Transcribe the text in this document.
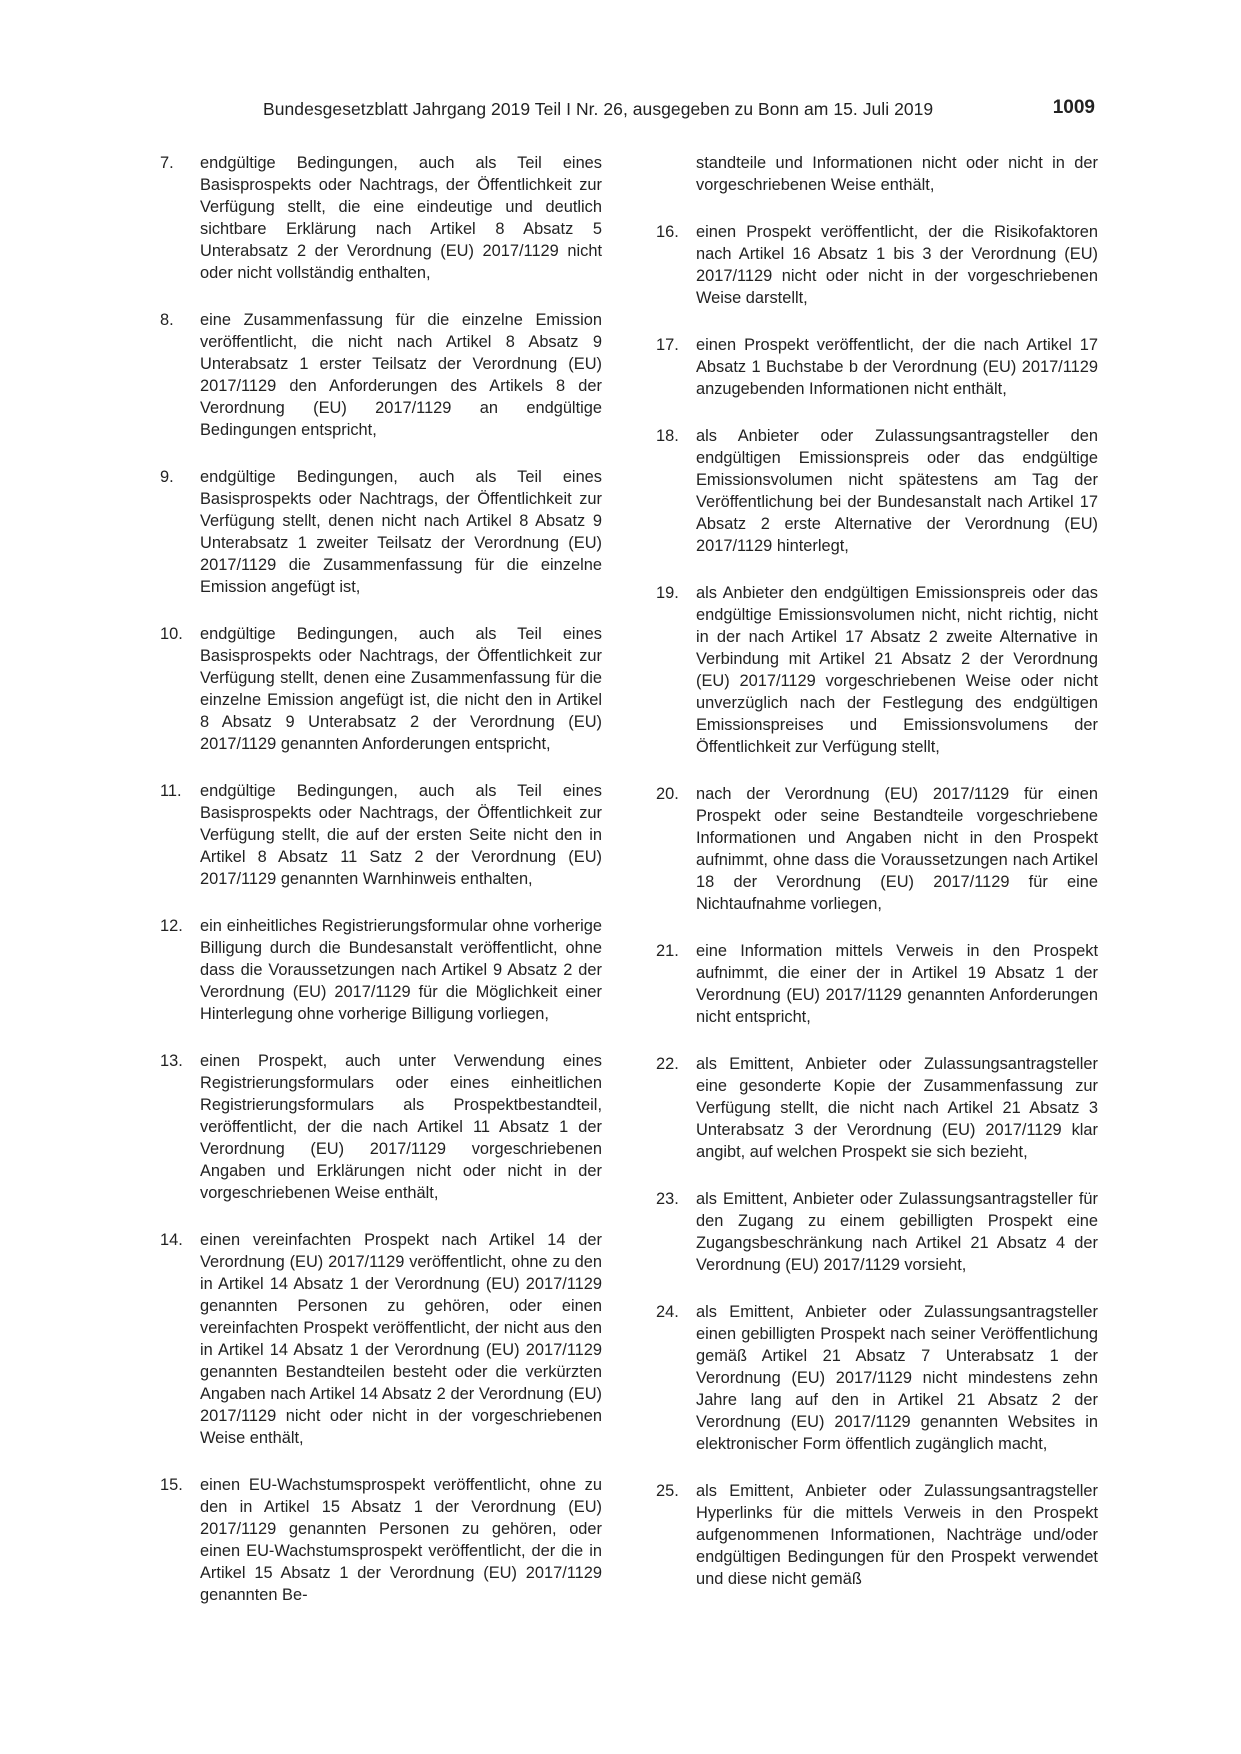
Bundesgesetzblatt Jahrgang 2019 Teil I Nr. 26, ausgegeben zu Bonn am 15. Juli 2019	1009
7.	endgültige Bedingungen, auch als Teil eines Basisprospekts oder Nachtrags, der Öffentlichkeit zur Verfügung stellt, die eine eindeutige und deutlich sichtbare Erklärung nach Artikel 8 Absatz 5 Unterabsatz 2 der Verordnung (EU) 2017/1129 nicht oder nicht vollständig enthalten,
8.	eine Zusammenfassung für die einzelne Emission veröffentlicht, die nicht nach Artikel 8 Absatz 9 Unterabsatz 1 erster Teilsatz der Verordnung (EU) 2017/1129 den Anforderungen des Artikels 8 der Verordnung (EU) 2017/1129 an endgültige Bedingungen entspricht,
9.	endgültige Bedingungen, auch als Teil eines Basisprospekts oder Nachtrags, der Öffentlichkeit zur Verfügung stellt, denen nicht nach Artikel 8 Absatz 9 Unterabsatz 1 zweiter Teilsatz der Verordnung (EU) 2017/1129 die Zusammenfassung für die einzelne Emission angefügt ist,
10.	endgültige Bedingungen, auch als Teil eines Basisprospekts oder Nachtrags, der Öffentlichkeit zur Verfügung stellt, denen eine Zusammenfassung für die einzelne Emission angefügt ist, die nicht den in Artikel 8 Absatz 9 Unterabsatz 2 der Verordnung (EU) 2017/1129 genannten Anforderungen entspricht,
11.	endgültige Bedingungen, auch als Teil eines Basisprospekts oder Nachtrags, der Öffentlichkeit zur Verfügung stellt, die auf der ersten Seite nicht den in Artikel 8 Absatz 11 Satz 2 der Verordnung (EU) 2017/1129 genannten Warnhinweis enthalten,
12.	ein einheitliches Registrierungsformular ohne vorherige Billigung durch die Bundesanstalt veröffentlicht, ohne dass die Voraussetzungen nach Artikel 9 Absatz 2 der Verordnung (EU) 2017/1129 für die Möglichkeit einer Hinterlegung ohne vorherige Billigung vorliegen,
13.	einen Prospekt, auch unter Verwendung eines Registrierungsformulars oder eines einheitlichen Registrierungsformulars als Prospektbestandteil, veröffentlicht, der die nach Artikel 11 Absatz 1 der Verordnung (EU) 2017/1129 vorgeschriebenen Angaben und Erklärungen nicht oder nicht in der vorgeschriebenen Weise enthält,
14.	einen vereinfachten Prospekt nach Artikel 14 der Verordnung (EU) 2017/1129 veröffentlicht, ohne zu den in Artikel 14 Absatz 1 der Verordnung (EU) 2017/1129 genannten Personen zu gehören, oder einen vereinfachten Prospekt veröffentlicht, der nicht aus den in Artikel 14 Absatz 1 der Verordnung (EU) 2017/1129 genannten Bestandteilen besteht oder die verkürzten Angaben nach Artikel 14 Absatz 2 der Verordnung (EU) 2017/1129 nicht oder nicht in der vorgeschriebenen Weise enthält,
15.	einen EU-Wachstumsprospekt veröffentlicht, ohne zu den in Artikel 15 Absatz 1 der Verordnung (EU) 2017/1129 genannten Personen zu gehören, oder einen EU-Wachstumsprospekt veröffentlicht, der die in Artikel 15 Absatz 1 der Verordnung (EU) 2017/1129 genannten Be-
standteile und Informationen nicht oder nicht in der vorgeschriebenen Weise enthält,
16.	einen Prospekt veröffentlicht, der die Risikofaktoren nach Artikel 16 Absatz 1 bis 3 der Verordnung (EU) 2017/1129 nicht oder nicht in der vorgeschriebenen Weise darstellt,
17.	einen Prospekt veröffentlicht, der die nach Artikel 17 Absatz 1 Buchstabe b der Verordnung (EU) 2017/1129 anzugebenden Informationen nicht enthält,
18.	als Anbieter oder Zulassungsantragsteller den endgültigen Emissionspreis oder das endgültige Emissionsvolumen nicht spätestens am Tag der Veröffentlichung bei der Bundesanstalt nach Artikel 17 Absatz 2 erste Alternative der Verordnung (EU) 2017/1129 hinterlegt,
19.	als Anbieter den endgültigen Emissionspreis oder das endgültige Emissionsvolumen nicht, nicht richtig, nicht in der nach Artikel 17 Absatz 2 zweite Alternative in Verbindung mit Artikel 21 Absatz 2 der Verordnung (EU) 2017/1129 vorgeschriebenen Weise oder nicht unverzüglich nach der Festlegung des endgültigen Emissionspreises und Emissionsvolumens der Öffentlichkeit zur Verfügung stellt,
20.	nach der Verordnung (EU) 2017/1129 für einen Prospekt oder seine Bestandteile vorgeschriebene Informationen und Angaben nicht in den Prospekt aufnimmt, ohne dass die Voraussetzungen nach Artikel 18 der Verordnung (EU) 2017/1129 für eine Nichtaufnahme vorliegen,
21.	eine Information mittels Verweis in den Prospekt aufnimmt, die einer der in Artikel 19 Absatz 1 der Verordnung (EU) 2017/1129 genannten Anforderungen nicht entspricht,
22.	als Emittent, Anbieter oder Zulassungsantragsteller eine gesonderte Kopie der Zusammenfassung zur Verfügung stellt, die nicht nach Artikel 21 Absatz 3 Unterabsatz 3 der Verordnung (EU) 2017/1129 klar angibt, auf welchen Prospekt sie sich bezieht,
23.	als Emittent, Anbieter oder Zulassungsantragsteller für den Zugang zu einem gebilligten Prospekt eine Zugangsbeschränkung nach Artikel 21 Absatz 4 der Verordnung (EU) 2017/1129 vorsieht,
24.	als Emittent, Anbieter oder Zulassungsantragsteller einen gebilligten Prospekt nach seiner Veröffentlichung gemäß Artikel 21 Absatz 7 Unterabsatz 1 der Verordnung (EU) 2017/1129 nicht mindestens zehn Jahre lang auf den in Artikel 21 Absatz 2 der Verordnung (EU) 2017/1129 genannten Websites in elektronischer Form öffentlich zugänglich macht,
25.	als Emittent, Anbieter oder Zulassungsantragsteller Hyperlinks für die mittels Verweis in den Prospekt aufgenommenen Informationen, Nachträge und/oder endgültigen Bedingungen für den Prospekt verwendet und diese nicht gemäß
